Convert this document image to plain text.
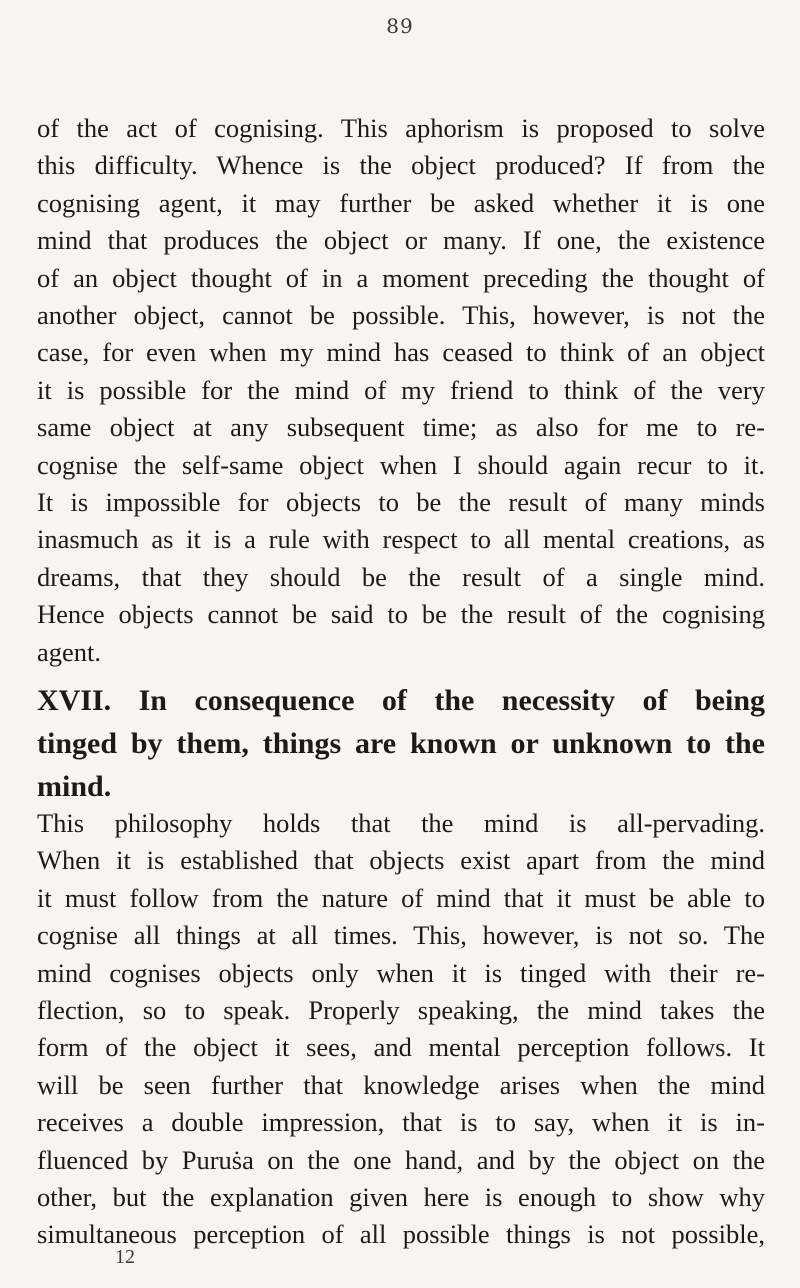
89
of the act of cognising. This aphorism is proposed to solve
this difficulty. Whence is the object produced? If from the
cognising agent, it may further be asked whether it is one
mind that produces the object or many. If one, the existence
of an object thought of in a moment preceding the thought of
another object, cannot be possible. This, however, is not the
case, for even when my mind has ceased to think of an object
it is possible for the mind of my friend to think of the very
same object at any subsequent time; as also for me to re-
cognise the self-same object when I should again recur to it.
It is impossible for objects to be the result of many minds
inasmuch as it is a rule with respect to all mental creations, as
dreams, that they should be the result of a single mind.
Hence objects cannot be said to be the result of the cognising
agent.
XVII. In consequence of the necessity of being
tinged by them, things are known or unknown to the
mind.
This philosophy holds that the mind is all-pervading.
When it is established that objects exist apart from the mind
it must follow from the nature of mind that it must be able to
cognise all things at all times. This, however, is not so. The
mind cognises objects only when it is tinged with their re-
flection, so to speak. Properly speaking, the mind takes the
form of the object it sees, and mental perception follows. It
will be seen further that knowledge arises when the mind
receives a double impression, that is to say, when it is in-
fluenced by Puruṡa on the one hand, and by the object on the
other, but the explanation given here is enough to show why
simultaneous perception of all possible things is not possible,
12
